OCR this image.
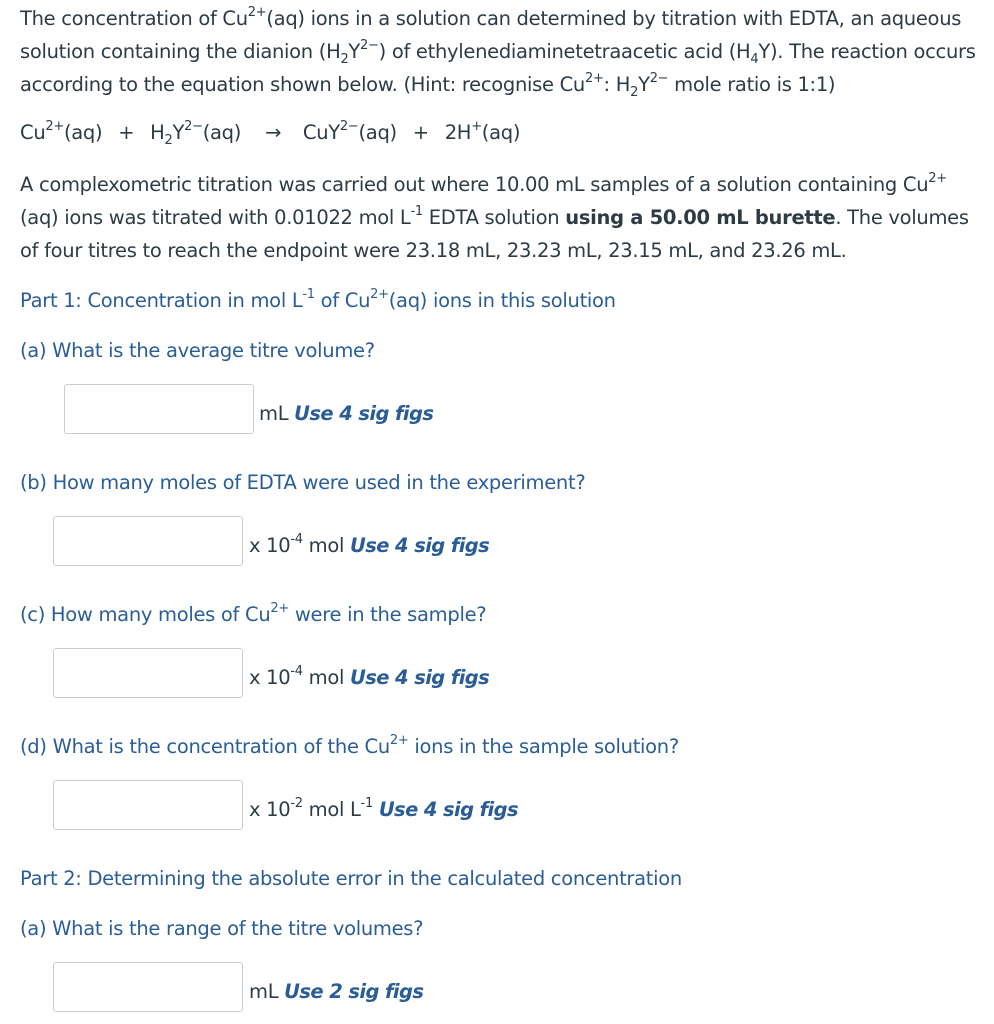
The concentration of $Cu^{2+}(aq)$ ions in a solution can determined by titration with EDTA, an aqueous solution containing the dianion $(H_2Y^{2-})$ of ethylenediaminetetraacetic acid $(H_4Y)$. The reaction occurs according to the equation shown below. (Hint: recognise $Cu^{2+}$: $H_2Y^{2-}$ mole ratio is 1:1)

$Cu^{2+}(aq) + H_2Y^{2-}(aq) \to CuY^{2-}(aq) + 2H^+(aq)$

A complexometric titration was carried out where 10.00 mL samples of a solution containing $Cu^{2+}$ (aq) ions was titrated with 0.01022 mol $L^{-1}$ EDTA solution using a 50.00 mL burette. The volumes of four titres to reach the endpoint were 23.18 mL, 23.23 mL, 23.15 mL, and 23.26 mL.

Part 1: Concentration in mol $L^{-1}$ of $Cu^{2+}(aq)$ ions in this solution

(a) What is the average titre volume?

mL Use 4 sig figs

(b) How many moles of EDTA were used in the experiment?

x $10^{-4}$ mol Use 4 sig figs

(c) How many moles of $Cu^{2+}$ were in the sample?

x $10^{-4}$ mol Use 4 sig figs

(d) What is the concentration of the $Cu^{2+}$ ions in the sample solution?

x $10^{-2}$ mol $L^{-1}$ Use 4 sig figs

Part 2: Determining the absolute error in the calculated concentration

(a) What is the range of the titre volumes?

mL Use 2 sig figs
